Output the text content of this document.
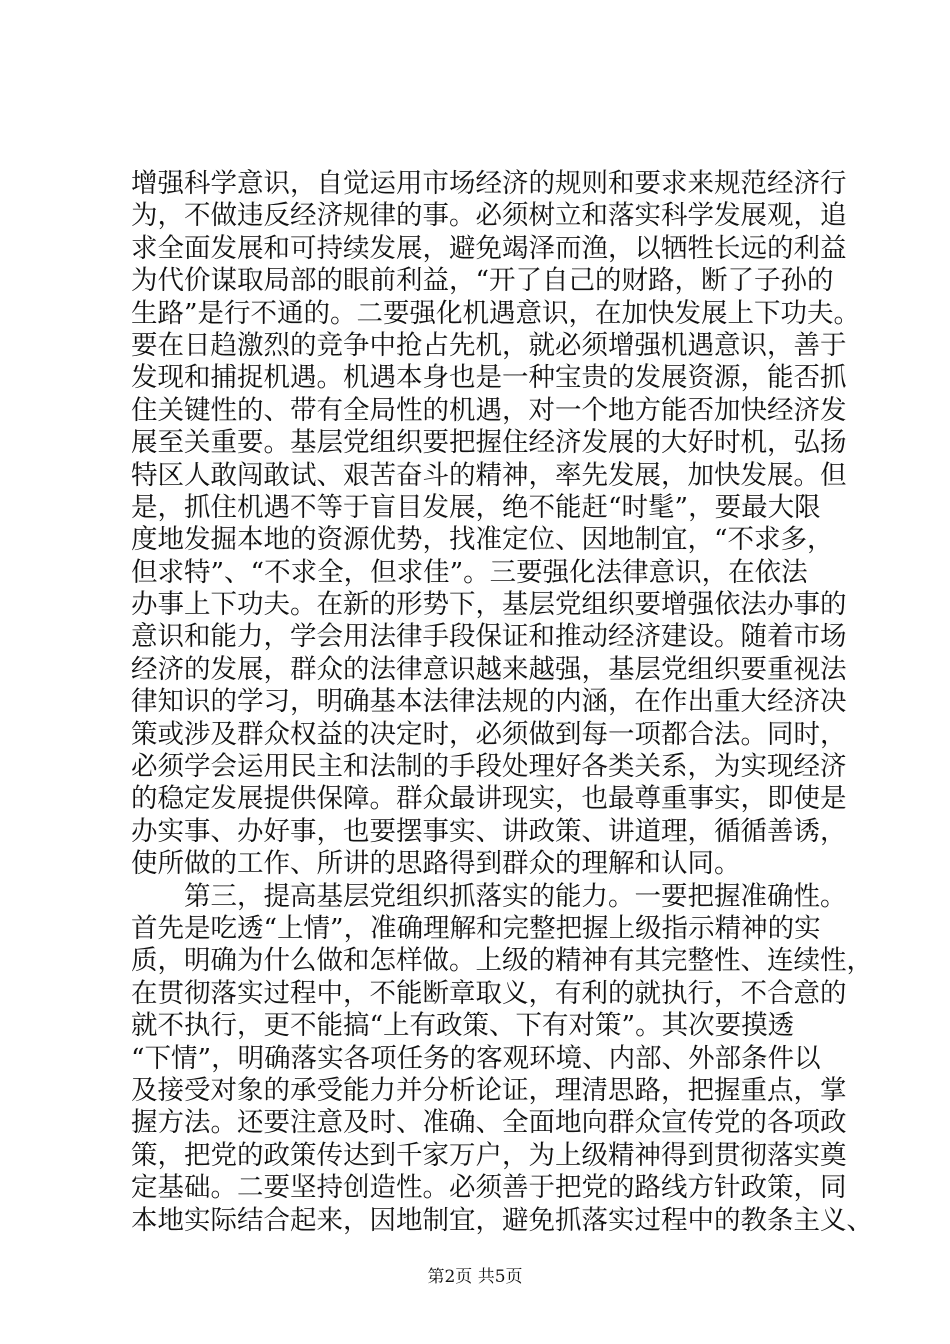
增强科学意识，自觉运用市场经济的规则和要求来规范经济行
为，不做违反经济规律的事。必须树立和落实科学发展观，追
求全面发展和可持续发展，避免竭泽而渔，以牺牲长远的利益
为代价谋取局部的眼前利益，“开了自己的财路，断了子孙的
生路”是行不通的。二要强化机遇意识，在加快发展上下功夫。
要在日趋激烈的竞争中抢占先机，就必须增强机遇意识，善于
发现和捕捉机遇。机遇本身也是一种宝贵的发展资源，能否抓
住关键性的、带有全局性的机遇，对一个地方能否加快经济发
展至关重要。基层党组织要把握住经济发展的大好时机，弘扬
特区人敢闯敢试、艰苦奋斗的精神，率先发展，加快发展。但
是，抓住机遇不等于盲目发展，绝不能赶“时髦”，要最大限
度地发掘本地的资源优势，找准定位、因地制宜，“不求多，
但求特”、“不求全，但求佳”。三要强化法律意识，在依法
办事上下功夫。在新的形势下，基层党组织要增强依法办事的
意识和能力，学会用法律手段保证和推动经济建设。随着市场
经济的发展，群众的法律意识越来越强，基层党组织要重视法
律知识的学习，明确基本法律法规的内涵，在作出重大经济决
策或涉及群众权益的决定时，必须做到每一项都合法。同时，
必须学会运用民主和法制的手段处理好各类关系，为实现经济
的稳定发展提供保障。群众最讲现实，也最尊重事实，即使是
办实事、办好事，也要摆事实、讲政策、讲道理，循循善诱，
使所做的工作、所讲的思路得到群众的理解和认同。
　　第三，提高基层党组织抓落实的能力。一要把握准确性。
首先是吃透“上情”，准确理解和完整把握上级指示精神的实
质，明确为什么做和怎样做。上级的精神有其完整性、连续性，
在贯彻落实过程中，不能断章取义，有利的就执行，不合意的
就不执行，更不能搞“上有政策、下有对策”。其次要摸透
“下情”，明确落实各项任务的客观环境、内部、外部条件以
及接受对象的承受能力并分析论证，理清思路，把握重点，掌
握方法。还要注意及时、准确、全面地向群众宣传党的各项政
策，把党的政策传达到千家万户，为上级精神得到贯彻落实奠
定基础。二要坚持创造性。必须善于把党的路线方针政策，同
本地实际结合起来，因地制宜，避免抓落实过程中的教条主义、
第2页 共5页
